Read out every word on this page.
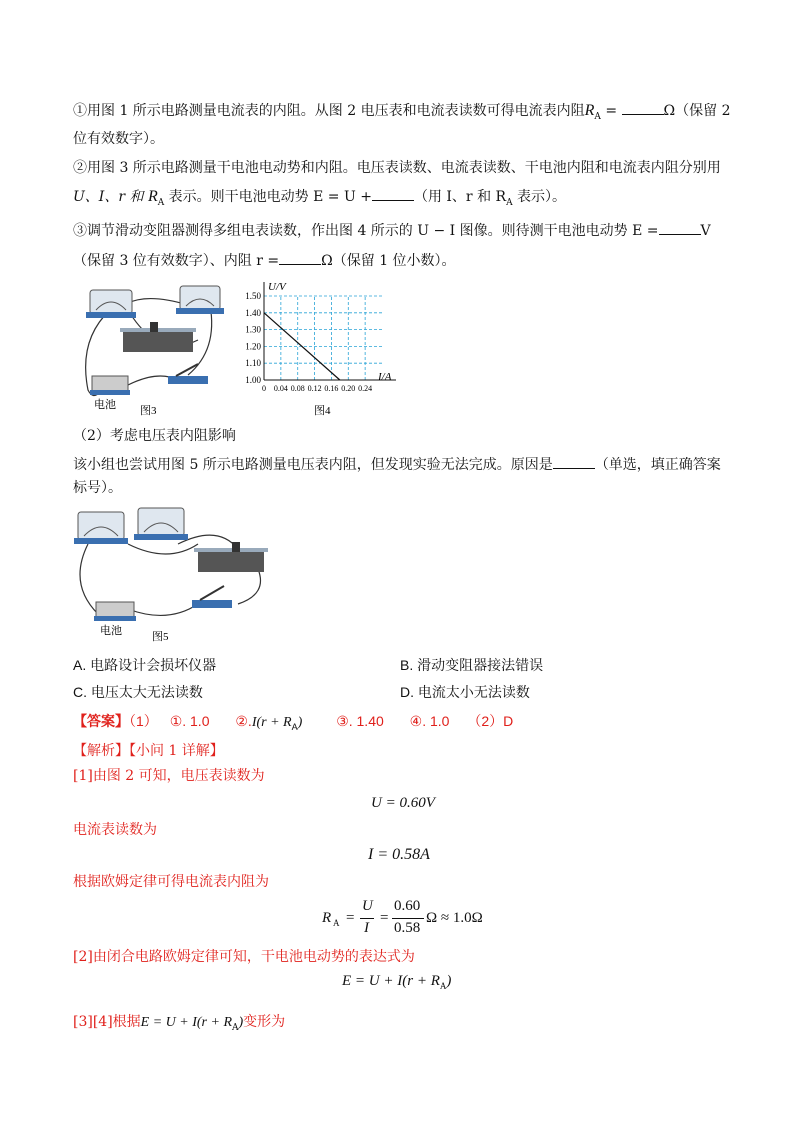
①用图 1 所示电路测量电流表的内阻。从图 2 电压表和电流表读数可得电流表内阻$R_A$ =	Ω（保留 2
位有效数字）。
②用图 3 所示电路测量干电池电动势和内阻。电压表读数、电流表读数、干电池内阻和电流表内阻分别用
U、I、r 和 $R_A$ 表示。则干电池电动势 E = U +	（用 I、r 和 $R_A$ 表示）。
③调节滑动变阻器测得多组电表读数，作出图 4 所示的 U − I 图像。则待测干电池电动势 E =	V
（保留 3 位有效数字）、内阻 r =	Ω（保留 1 位小数）。
电池 图3
1.50
1.40
1.30
1.20
1.10
1.00
0 0.04 0.08 0.12 0.16 0.20 0.24
U/V
I/A
图4
（2）考虑电压表内阻影响
该小组也尝试用图 5 所示电路测量电压表内阻，但发现实验无法完成。原因是	（单选，填正确答案
标号）。
电池	图5
A. 电路设计会损坏仪器	B. 滑动变阻器接法错误
C. 电压太大无法读数	D. 电流太小无法读数
【答案】（1） ①. 1.0 ②.I(r + $R_A$) ③. 1.40 ④. 1.0 （2）D
【解析】【小问 1 详解】
[1]由图 2 可知，电压表读数为
U = 0.60V
电流表读数为
I = 0.58A
根据欧姆定律可得电流表内阻为
R A =
U
I
=
0.60
0.58
Ω ≈ 1.0Ω
[2]由闭合电路欧姆定律可知，干电池电动势的表达式为
$E = U + I(r + R_A)$
[3][4]根据$E = U + I(r + R_A)$变形为
